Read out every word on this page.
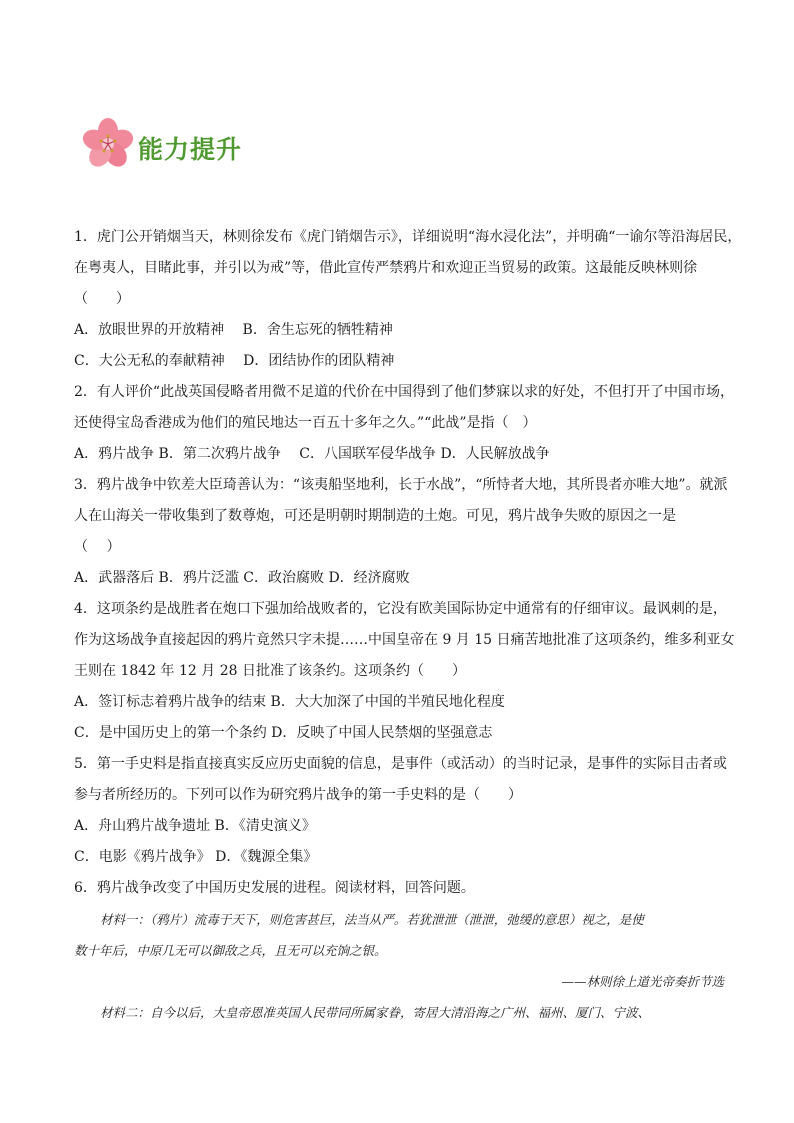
能力提升
1．虎门公开销烟当天，林则徐发布《虎门销烟告示》，详细说明“海水浸化法”，并明确“一谕尔等沿海居民，
在粤夷人，目睹此事，并引以为戒”等，借此宣传严禁鸦片和欢迎正当贸易的政策。这最能反映林则徐
（　　）
A．放眼世界的开放精神　 B．舍生忘死的牺牲精神
C．大公无私的奉献精神　 D．团结协作的团队精神
2．有人评价“此战英国侵略者用微不足道的代价在中国得到了他们梦寐以求的好处，不但打开了中国市场，
还使得宝岛香港成为他们的殖民地达一百五十多年之久。”“此战”是指（　）
A．鸦片战争 B．第二次鸦片战争　 C．八国联军侵华战争 D．人民解放战争
3．鸦片战争中钦差大臣琦善认为：“该夷船坚地利，长于水战”，“所恃者大地，其所畏者亦唯大地”。就派
人在山海关一带收集到了数尊炮，可还是明朝时期制造的土炮。可见，鸦片战争失败的原因之一是
（　 ）
A．武器落后 B．鸦片泛滥 C．政治腐败 D．经济腐败
4．这项条约是战胜者在炮口下强加给战败者的，它没有欧美国际协定中通常有的仔细审议。最讽刺的是，
作为这场战争直接起因的鸦片竟然只字未提……中国皇帝在 9 月 15 日痛苦地批准了这项条约，维多利亚女
王则在 1842 年 12 月 28 日批准了该条约。这项条约（　　）
A．签订标志着鸦片战争的结束 B．大大加深了中国的半殖民地化程度
C．是中国历史上的第一个条约 D．反映了中国人民禁烟的坚强意志
5．第一手史料是指直接真实反应历史面貌的信息，是事件（或活动）的当时记录，是事件的实际目击者或
参与者所经历的。下列可以作为研究鸦片战争的第一手史料的是（　　）
A．舟山鸦片战争遗址 B．《清史演义》
C．电影《鸦片战争》 D．《魏源全集》
6．鸦片战争改变了中国历史发展的进程。阅读材料，回答问题。
材料一：（鸦片）流毒于天下，则危害甚巨，法当从严。若犹泄泄（泄泄，弛缓的意思）视之，是使
数十年后，中原几无可以御敌之兵，且无可以充饷之银。
——林则徐上道光帝奏折节选
材料二：自今以后，大皇帝恩准英国人民带同所属家眷，寄居大清沿海之广州、福州、厦门、宁波、
